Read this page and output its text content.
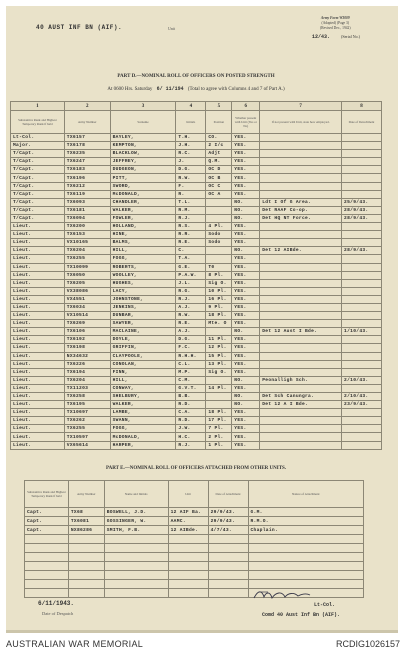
40 AUST INF BN (AIF).	Unit
Army Form W3009
(Adapted) (Page 3)
(Revised Dec., 1942)
12/43.	(Serial No.)
PART D.—NOMINAL ROLL OF OFFICERS ON POSTED STRENGTH
At 0600 Hrs. Saturday 6/ 11/194 (Total to agree with Columns 4 and 7 of Part A.)
1	2	3	4	5	6	7	8
Substantive Rank and Highest Temporary Rank if held	Army Number	Surname	Initials	Position	Whether present with Unit (Yes or No)	If not present with Unit, state how employed.	Date of Detachment
Lt-Col.	TX6157	BAYLEY,	T.H.	CO.	YES.		
Major.	TX6178	KEMPTON,	J.H.	2 I/c	YES.		
T/Capt.	TX6235	BLACKLOW,	R.C.	Adjt	YES.		
T/Capt.	TX6247	JEFFREY,	J.	Q.M.	YES.		
T/Capt.	TX6183	DUDGEON,	D.G.	OC D	YES.		
T/Capt.	TX6196	PITT,	R.W.	OC B	YES.		
T/Capt.	TX6212	SWORD,	F.	OC C	YES.		
T/Capt.	TX6119	McDONALD,	R.	OC A	YES.		
T/Capt.	TX6093	CHANDLER,	T.L.		NO.	Ldt I Of G Area.	25/9/43.
T/Capt.	TX6181	WALKER,	R.M.		NO.	Det RAAF Co-op.	28/9/43.
T/Capt.	TX6094	FOWLER,	R.J.		NO.	Det HQ NT Force.	28/9/43.
Lieut.	TX6200	HOLLAND,	R.S.	4 Pl.	YES.		
Lieut.	TX6153	HINE,	R.R.	Sodo	YES.		
Lieut.	VX10165	BALMS,	R.E.	Sodo	YES.		
Lieut.	TX6204	HILL,	C.		NO.	Det 12 AIBde.	28/9/43.
Lieut.	TX6255	FOGG,	T.A.		YES.		
Lieut.	TX10099	ROBERTS,	G.E.	T0	YES.		
Lieut.	TX6050	WOOLLEY,	P.A.W.	8 Pl.	YES.		
Lieut.	TX6205	HUGHES,	J.L.	Sig O.	YES.		
Lieut.	VX38086	LACY,	R.G.	10 Pl.	YES.		
Lieut.	VX4551	JOHNSTONE,	R.J.	16 Pl.	YES.		
Lieut.	TX6034	JENKINS,	A.J.	9 Pl.	YES.		
Lieut.	VX10514	DUNBAR,	R.W.	18 Pl.	YES.		
Lieut.	TX6269	SAWYER,	R.E.	Mte. O	YES.		
Lieut.	TX6106	MACLAINE,	A.J.		NO.	Det 12 Aust I Bde.	1/10/43.
Lieut.	TX6192	DOYLE,	D.G.	11 Pl.	YES.		
Lieut.	TX6198	GRIFFIN,	F.C.	12 Pl.	YES.		
Lieut.	NX34632	CLAYPOOLE,	R.H.H.	15 Pl.	YES.		
Lieut.	TX6226	CONOLAN,	C.L.	13 Pl.	YES.		
Lieut.	TX6194	FINN,	M.P.	Sig O.	YES.		
Lieut.	TX6204	HILL,	C.M.		NO.	Peonalligh Sch.	2/10/43.
Lieut.	TX11203	CONWAY,	G.V.T.	14 Pl.	YES.		
Lieut.	TX6258	SHELBURY,	B.B.		NO.	Det Sch Canungra.	2/10/43.
Lieut.	TX6195	WALKER,	R.D.		NO.	Det 12 A I Bde.	23/9/43.
Lieut.	TX10697	LAMBE,	C.A.	18 Pl.	YES.		
Lieut.	TX6262	SWANN,	R.D.	17 Pl.	YES.		
Lieut.	TX6255	FOGG,	J.W.	7 Pl.	YES.		
Lieut.	TX10597	McDONALD,	H.C.	2 Pl.	YES.		
Lieut.	VX65614	HARPER,	R.J.	1 Pl.	YES.		
PART E.—NOMINAL ROLL OF OFFICERS ATTACHED FROM OTHER UNITS.
Substantive Rank and Highest Temporary Rank if held	Army Number	Name and Initials	Unit	Date of Attachment	Nature of Attachment
Capt.	TX68	BOSWELL, J.D.	12 AIF Ba.	29/9/43.	G.M.
Capt.	TX6081	GOSSINGER, W.	AAMC.	29/9/43.	R.M.O.
Capt.	NX86286	SMITH, F.B.	12 AIBde.	4/7/43.	Chaplain.

6/11/1943.
Date of Despatch
Lt-Col.
Comd 40 Aust Inf Bn (AIF).
AUSTRALIAN WAR MEMORIAL	RCDIG1026157
